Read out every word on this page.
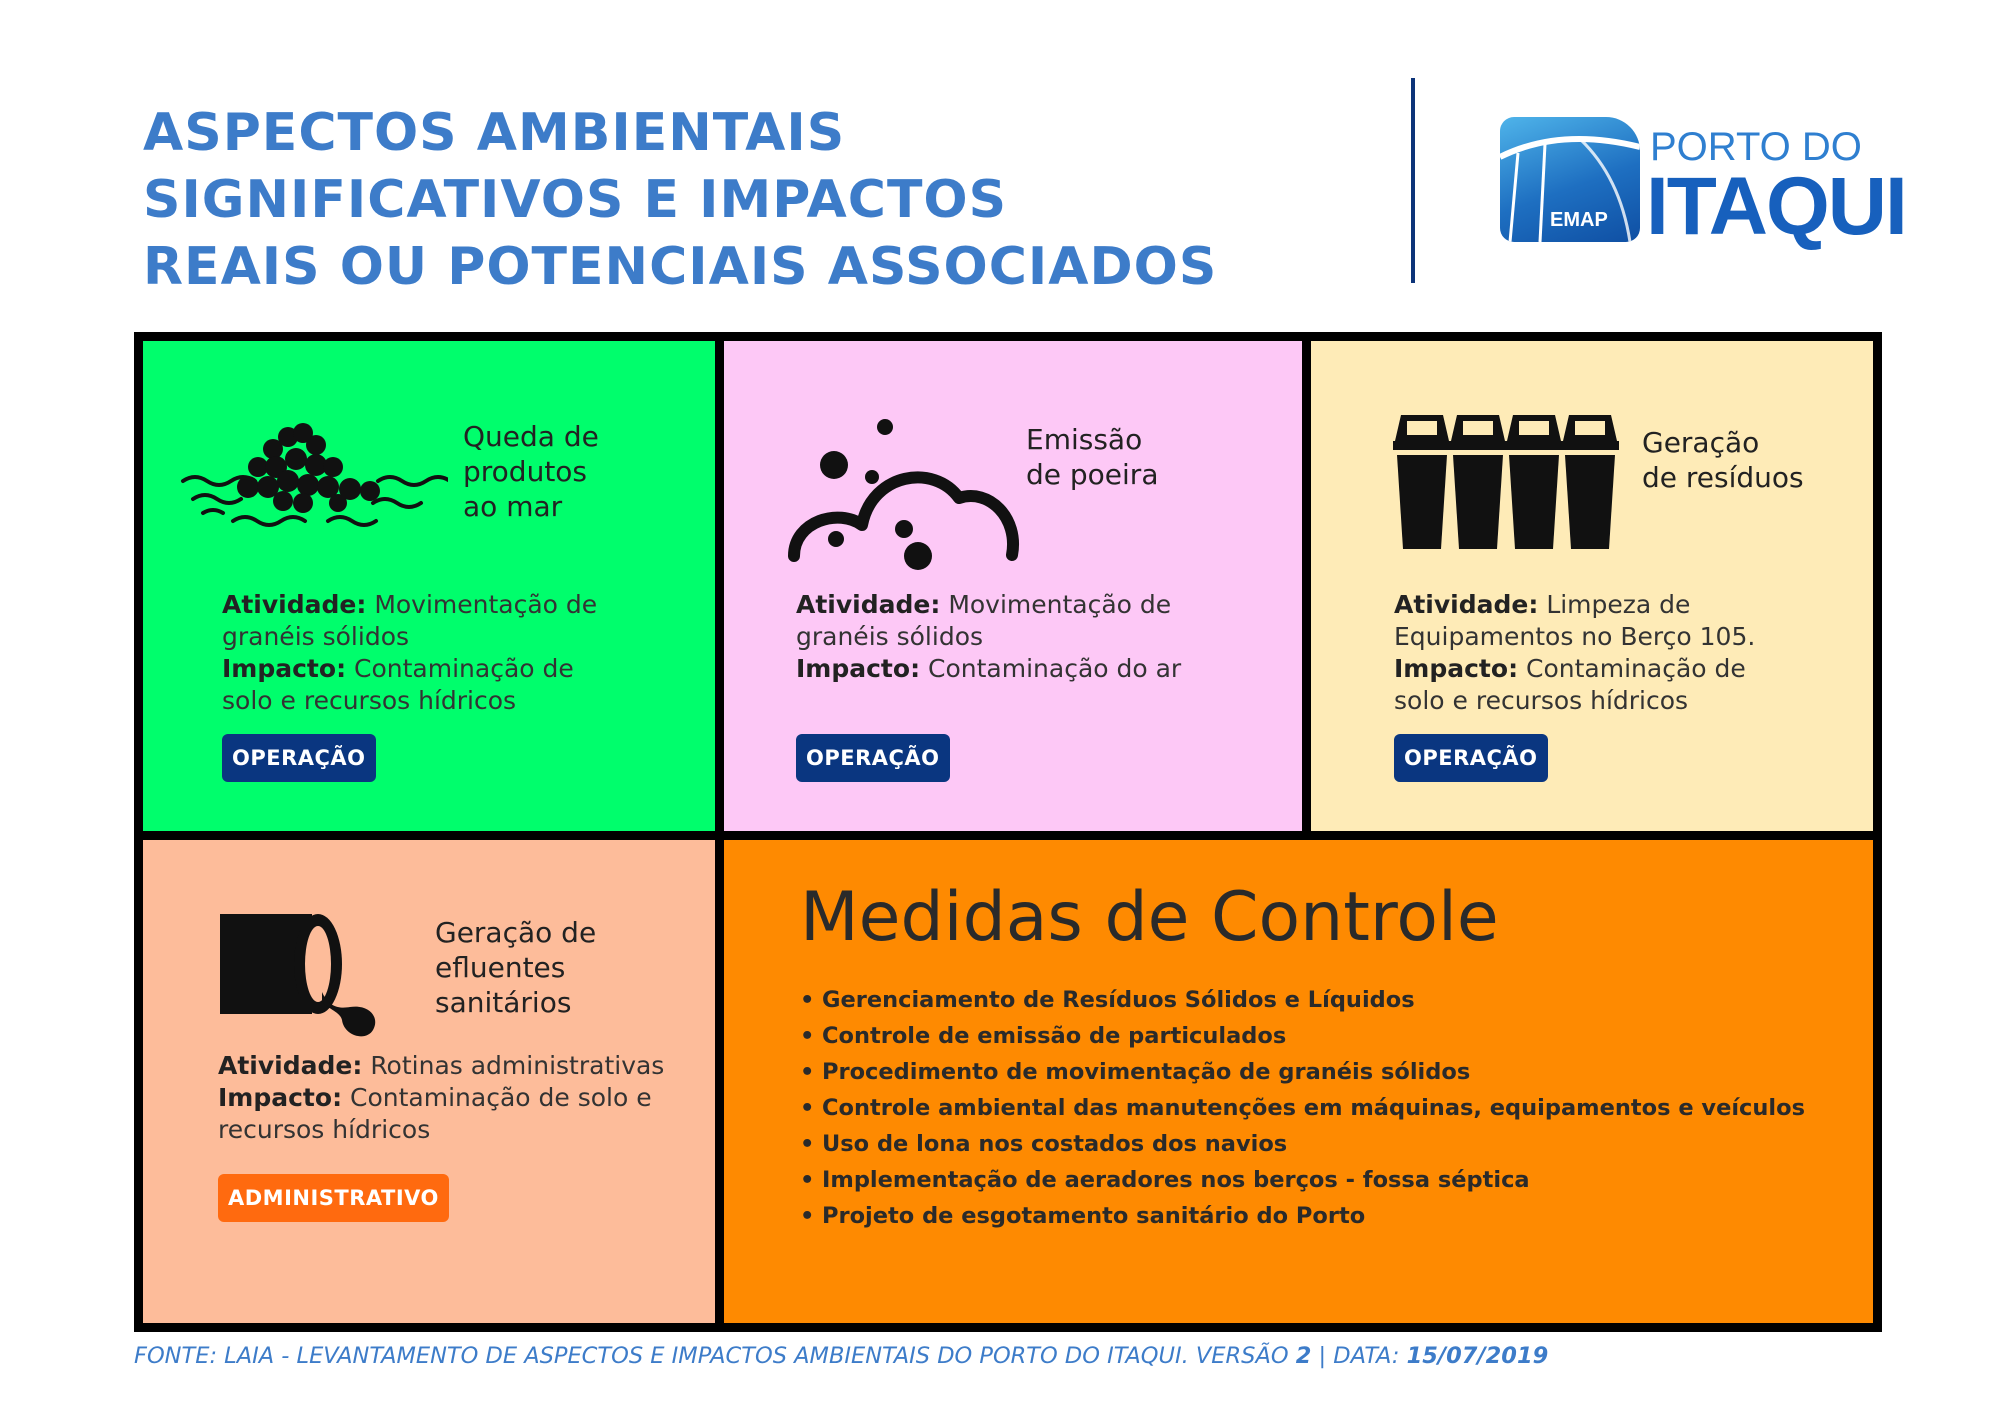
ASPECTOS AMBIENTAIS
SIGNIFICATIVOS E IMPACTOS
REAIS OU POTENCIAIS ASSOCIADOS
EMAP
PORTO DO
ITAQUI
Queda de
produtos
ao mar

Atividade: Movimentação de
granéis sólidos
Impacto: Contaminação de
solo e recursos hídricos

OPERAÇÃO
Emissão
de poeira

Atividade: Movimentação de
granéis sólidos
Impacto: Contaminação do ar

OPERAÇÃO
Geração
de resíduos

Atividade: Limpeza de
Equipamentos no Berço 105.
Impacto: Contaminação de
solo e recursos hídricos

OPERAÇÃO
Geração de
efluentes
sanitários

Atividade: Rotinas administrativas
Impacto: Contaminação de solo e
recursos hídricos

ADMINISTRATIVO
Medidas de Controle
• Gerenciamento de Resíduos Sólidos e Líquidos
• Controle de emissão de particulados
• Procedimento de movimentação de granéis sólidos
• Controle ambiental das manutenções em máquinas, equipamentos e veículos
• Uso de lona nos costados dos navios
• Implementação de aeradores nos berços - fossa séptica
• Projeto de esgotamento sanitário do Porto

FONTE: LAIA - LEVANTAMENTO DE ASPECTOS E IMPACTOS AMBIENTAIS DO PORTO DO ITAQUI. VERSÃO 2 | DATA: 15/07/2019
